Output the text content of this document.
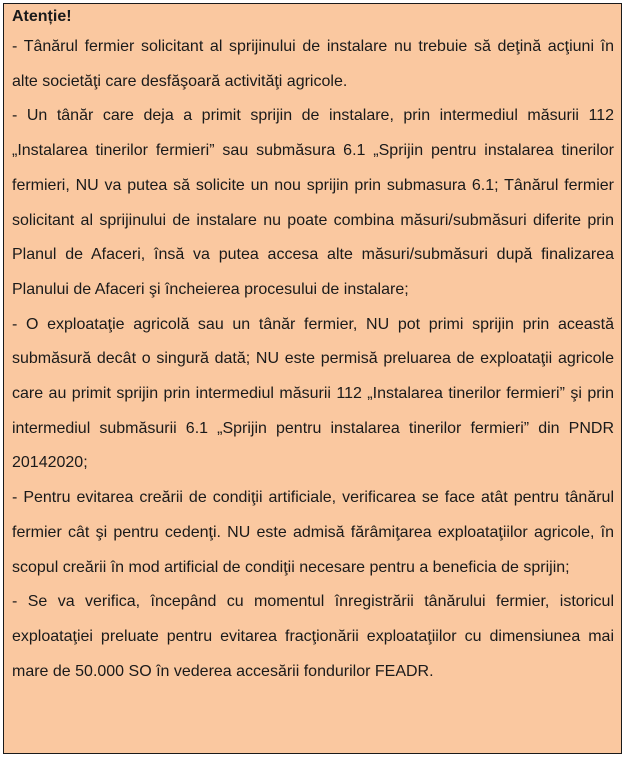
Atenție!

- Tânărul fermier solicitant al sprijinului de instalare nu trebuie să deţină acţiuni în alte societăţi care desfăşoară activităţi agricole.

- Un tânăr care deja a primit sprijin de instalare, prin intermediul măsurii 112 „Instalarea tinerilor fermieri” sau submăsura 6.1 „Sprijin pentru instalarea tinerilor fermieri, NU va putea să solicite un nou sprijin prin submasura 6.1; Tânărul fermier solicitant al sprijinului de instalare nu poate combina măsuri/submăsuri diferite prin Planul de Afaceri, însă va putea accesa alte măsuri/submăsuri după finalizarea Planului de Afaceri şi încheierea procesului de instalare;

- O exploataţie agricolă sau un tânăr fermier, NU pot primi sprijin prin această submăsură decât o singură dată; NU este permisă preluarea de exploataţii agricole care au primit sprijin prin intermediul măsurii 112 „Instalarea tinerilor fermieri” şi prin intermediul submăsurii 6.1 „Sprijin pentru instalarea tinerilor fermieri” din PNDR 20142020;

- Pentru evitarea creării de condiţii artificiale, verificarea se face atât pentru tânărul fermier cât şi pentru cedenţi. NU este admisă fărâmiţarea exploataţiilor agricole, în scopul creării în mod artificial de condiţii necesare pentru a beneficia de sprijin;

- Se va verifica, începând cu momentul înregistrării tânărului fermier, istoricul exploataţiei preluate pentru evitarea fracţionării exploataţiilor cu dimensiunea mai mare de 50.000 SO în vederea accesării fondurilor FEADR.
